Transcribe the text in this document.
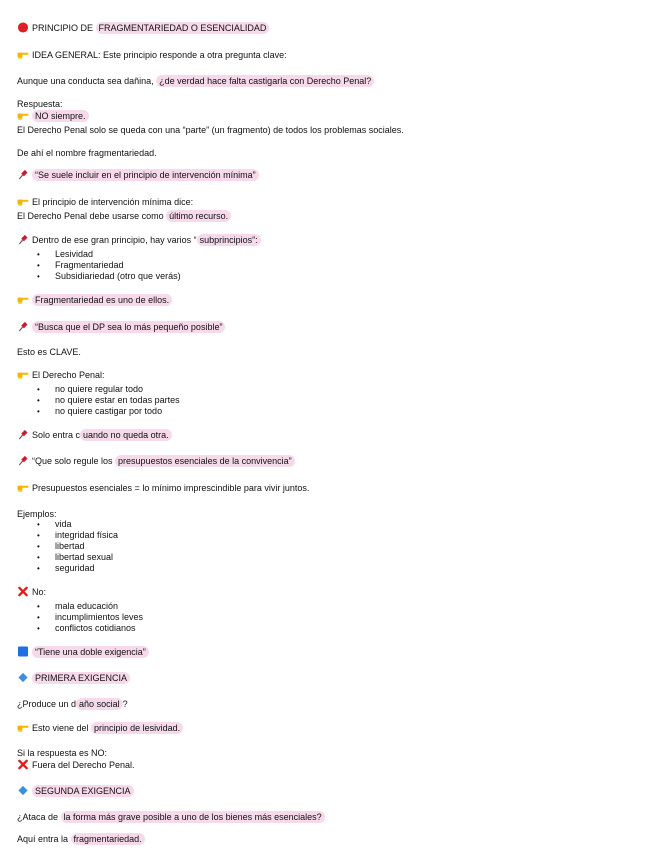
PRINCIPIO DE FRAGMENTARIEDAD O ESENCIALIDAD
IDEA GENERAL: Este principio responde a otra pregunta clave:
Aunque una conducta sea dañina, ¿de verdad hace falta castigarla con Derecho Penal?
Respuesta:
NO siempre.
El Derecho Penal solo se queda con una “parte” (un fragmento) de todos los problemas sociales.
De ahí el nombre fragmentariedad.
“Se suele incluir en el principio de intervención mínima”
El principio de intervención mínima dice:
El Derecho Penal debe usarse como último recurso.
Dentro de ese gran principio, hay varios “ subprincipios”:
• Lesividad
• Fragmentariedad
• Subsidiariedad (otro que verás)
Fragmentariedad es uno de ellos.
“Busca que el DP sea lo más pequeño posible”
Esto es CLAVE.
El Derecho Penal:
• no quiere regular todo
• no quiere estar en todas partes
• no quiere castigar por todo
Solo entra c uando no queda otra.
“Que solo regule los presupuestos esenciales de la convivencia”
Presupuestos esenciales = lo mínimo imprescindible para vivir juntos.
Ejemplos:
• vida
• integridad física
• libertad
• libertad sexual
• seguridad
No:
• mala educación
• incumplimientos leves
• conflictos cotidianos
“Tiene una doble exigencia”
PRIMERA EXIGENCIA
¿Produce un d año social ?
Esto viene del principio de lesividad.
Si la respuesta es NO:
Fuera del Derecho Penal.
SEGUNDA EXIGENCIA
¿Ataca de la forma más grave posible a uno de los bienes más esenciales?
Aquí entra la fragmentariedad.
